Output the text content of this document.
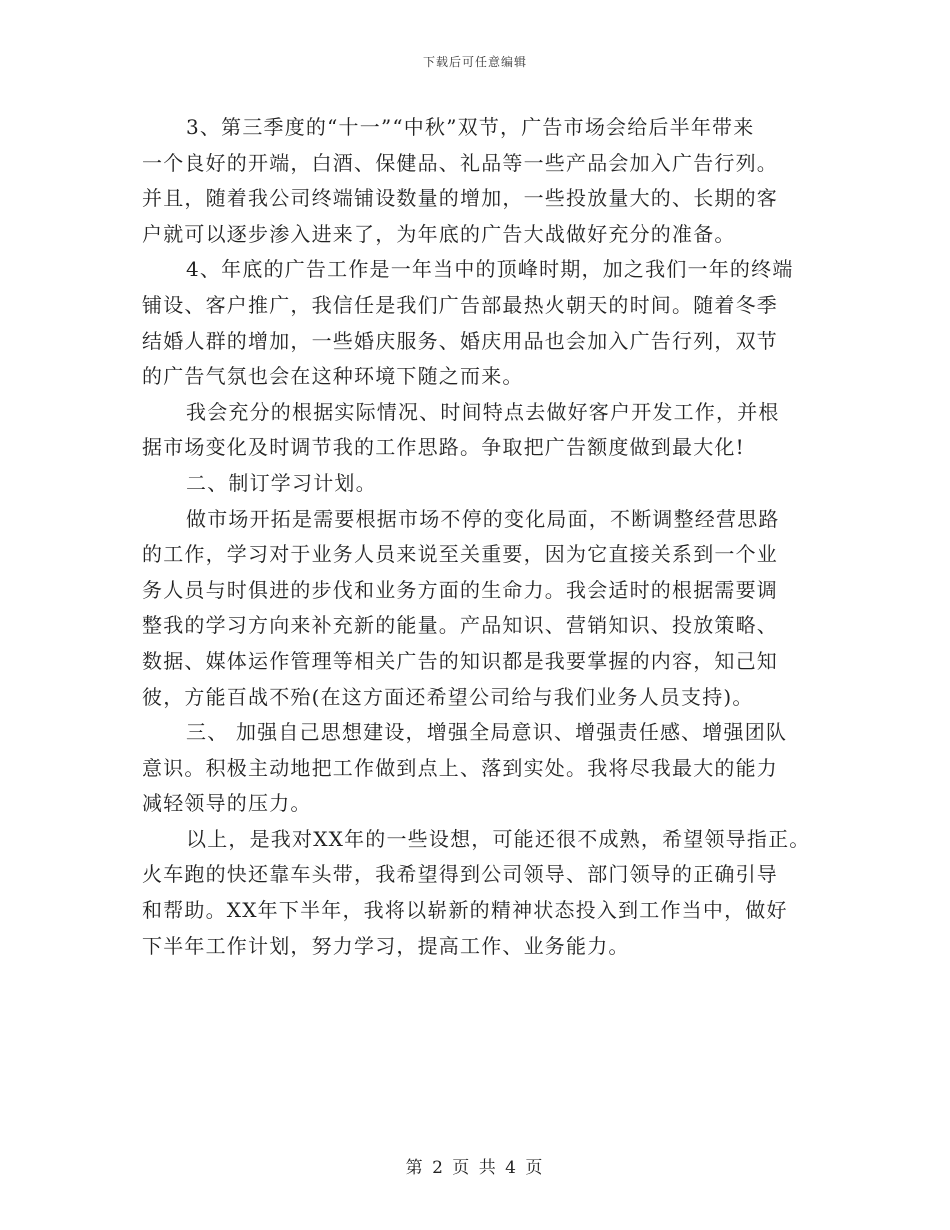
下载后可任意编辑
3、第三季度的“十一”“中秋”双节，广告市场会给后半年带来
一个良好的开端，白酒、保健品、礼品等一些产品会加入广告行列。
并且，随着我公司终端铺设数量的增加，一些投放量大的、长期的客
户就可以逐步渗入进来了，为年底的广告大战做好充分的准备。
4、年底的广告工作是一年当中的顶峰时期，加之我们一年的终端
铺设、客户推广，我信任是我们广告部最热火朝天的时间。随着冬季
结婚人群的增加，一些婚庆服务、婚庆用品也会加入广告行列，双节
的广告气氛也会在这种环境下随之而来。
我会充分的根据实际情况、时间特点去做好客户开发工作，并根
据市场变化及时调节我的工作思路。争取把广告额度做到最大化!
二、制订学习计划。
做市场开拓是需要根据市场不停的变化局面，不断调整经营思路
的工作，学习对于业务人员来说至关重要，因为它直接关系到一个业
务人员与时俱进的步伐和业务方面的生命力。我会适时的根据需要调
整我的学习方向来补充新的能量。产品知识、营销知识、投放策略、
数据、媒体运作管理等相关广告的知识都是我要掌握的内容，知己知
彼，方能百战不殆(在这方面还希望公司给与我们业务人员支持)。
三、 加强自己思想建设，增强全局意识、增强责任感、增强团队
意识。积极主动地把工作做到点上、落到实处。我将尽我最大的能力
减轻领导的压力。
以上，是我对XX年的一些设想，可能还很不成熟，希望领导指正。
火车跑的快还靠车头带，我希望得到公司领导、部门领导的正确引导
和帮助。XX年下半年，我将以崭新的精神状态投入到工作当中，做好
下半年工作计划，努力学习，提高工作、业务能力。
第 2 页 共 4 页
